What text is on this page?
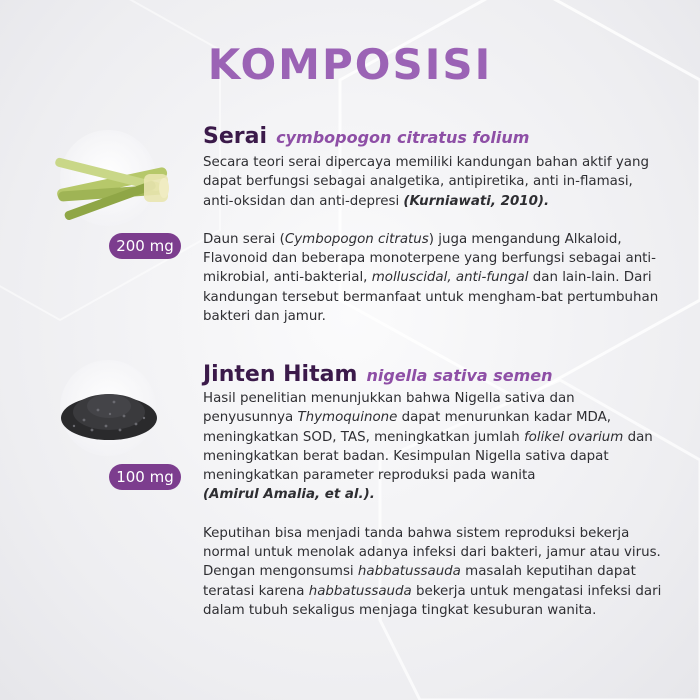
KOMPOSISI
200 mg
Serai cymbopogon citratus folium

Secara teori serai dipercaya memiliki kandungan bahan aktif yang dapat berfungsi sebagai analgetika, antipiretika, anti in-flamasi, anti-oksidan dan anti-depresi (Kurniawati, 2010).

Daun serai (Cymbopogon citratus) juga mengandung Alkaloid, Flavonoid dan beberapa monoterpene yang berfungsi sebagai anti-mikrobial, anti-bakterial, molluscidal, anti-fungal dan lain-lain. Dari kandungan tersebut bermanfaat untuk mengham-bat pertumbuhan bakteri dan jamur.

100 mg
Jinten Hitam nigella sativa semen

Hasil penelitian menunjukkan bahwa Nigella sativa dan penyusunnya Thymoquinone dapat menurunkan kadar MDA, meningkatkan SOD, TAS, meningkatkan jumlah folikel ovarium dan meningkatkan berat badan. Kesimpulan Nigella sativa dapat meningkatkan parameter reproduksi pada wanita
(Amirul Amalia, et al.).

Keputihan bisa menjadi tanda bahwa sistem reproduksi bekerja normal untuk menolak adanya infeksi dari bakteri, jamur atau virus. Dengan mengonsumsi habbatussauda masalah keputihan dapat teratasi karena habbatussauda bekerja untuk mengatasi infeksi dari dalam tubuh sekaligus menjaga tingkat kesuburan wanita.
